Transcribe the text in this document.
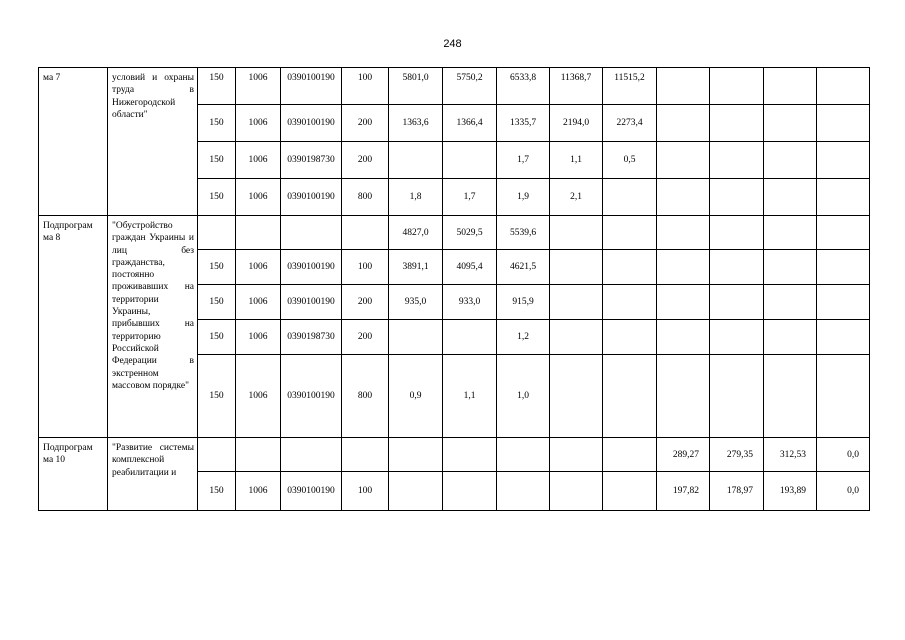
248
ма 7	условий и охраны труда в Нижегородской области"	150	1006	0390100190	100	5801,0	5750,2	6533,8	11368,7	11515,2				
		150	1006	0390100190	200	1363,6	1366,4	1335,7	2194,0	2273,4				
		150	1006	0390198730	200			1,7	1,1	0,5				
		150	1006	0390100190	800	1,8	1,7	1,9	2,1					
Подпрограм ма 8	"Обустройство граждан Украины и лиц без гражданства, постоянно проживавших на территории Украины, прибывших на территорию Российской Федерации в экстренном массовом порядке"					4827,0	5029,5	5539,6						
		150	1006	0390100190	100	3891,1	4095,4	4621,5						
		150	1006	0390100190	200	935,0	933,0	915,9						
		150	1006	0390198730	200			1,2						
		150	1006	0390100190	800	0,9	1,1	1,0						
Подпрограм ма 10	"Развитие системы комплексной реабилитации и										289,27	279,35	312,53	0,0
		150	1006	0390100190	100						197,82	178,97	193,89	0,0
